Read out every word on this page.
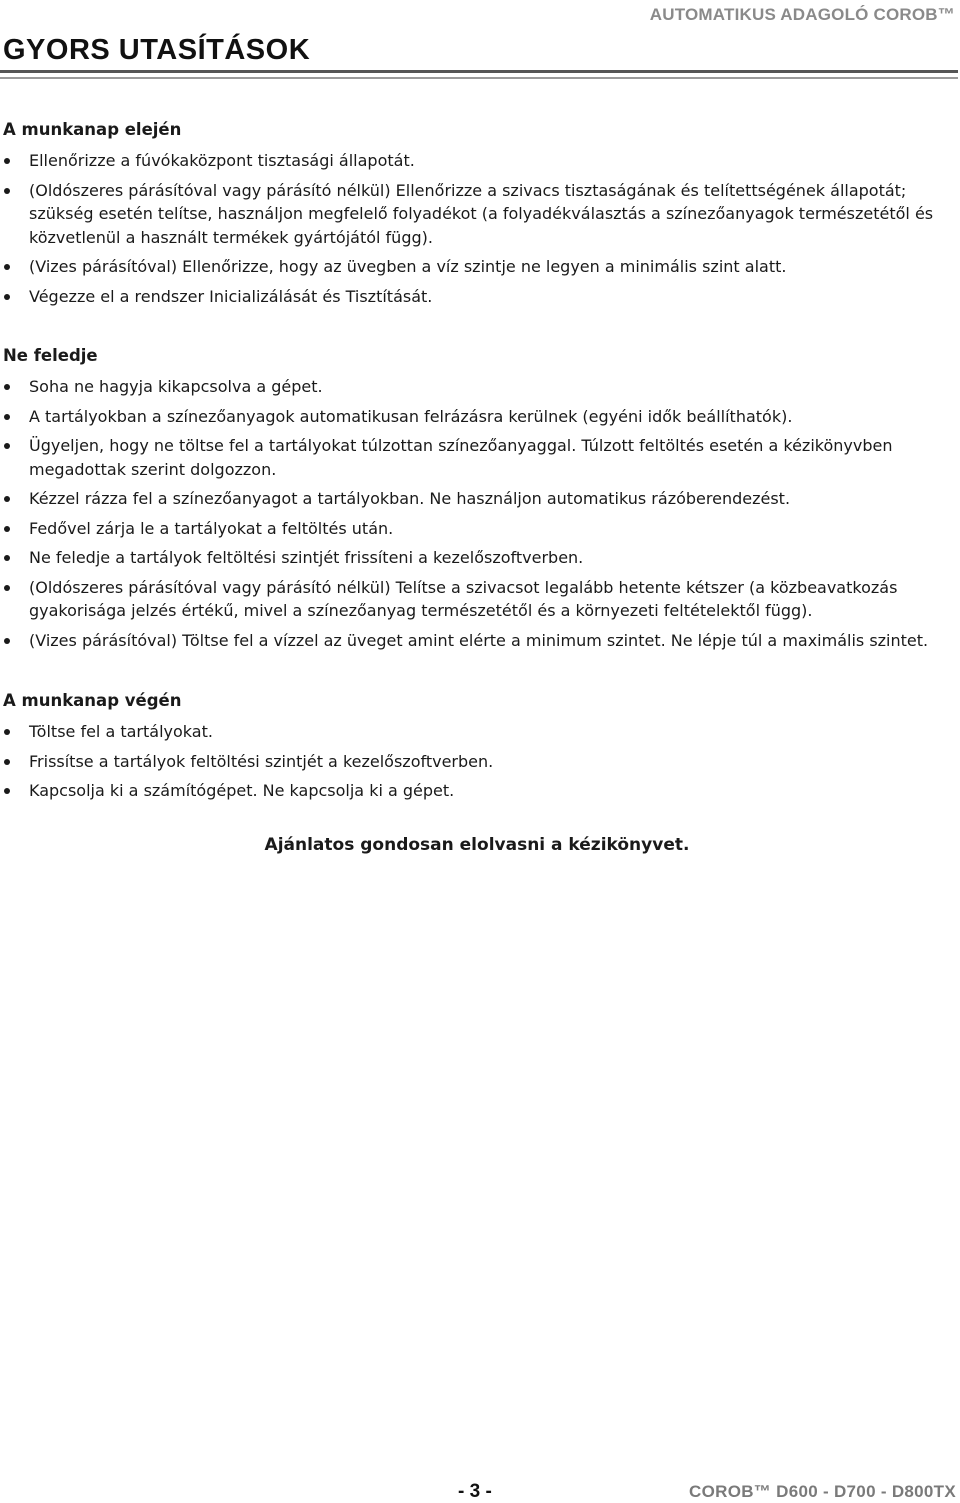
AUTOMATIKUS ADAGOLÓ COROB™
GYORS UTASÍTÁSOK
A munkanap elején
Ellenőrizze a fúvókaközpont tisztasági állapotát.
(Oldószeres párásítóval vagy párásító nélkül) Ellenőrizze a szivacs tisztaságának és telítettségének állapotát; szükség esetén telítse, használjon megfelelő folyadékot (a folyadékválasztás a színezőanyagok természetétől és közvetlenül a használt termékek gyártójától függ).
(Vizes párásítóval) Ellenőrizze, hogy az üvegben a víz szintje ne legyen a minimális szint alatt.
Végezze el a rendszer Inicializálását és Tisztítását.
Ne feledje
Soha ne hagyja kikapcsolva a gépet.
A tartályokban a színezőanyagok automatikusan felrázásra kerülnek (egyéni idők beállíthatók).
Ügyeljen, hogy ne töltse fel a tartályokat túlzottan színezőanyaggal. Túlzott feltöltés esetén a kézikönyvben megadottak szerint dolgozzon.
Kézzel rázza fel a színezőanyagot a tartályokban. Ne használjon automatikus rázóberendezést.
Fedővel zárja le a tartályokat a feltöltés után.
Ne feledje a tartályok feltöltési szintjét frissíteni a kezelőszoftverben.
(Oldószeres párásítóval vagy párásító nélkül) Telítse a szivacsot legalább hetente kétszer (a közbeavatkozás gyakorisága jelzés értékű, mivel a színezőanyag természetétől és a környezeti feltételektől függ).
(Vizes párásítóval) Töltse fel a vízzel az üveget amint elérte a minimum szintet. Ne lépje túl a maximális szintet.
A munkanap végén
Töltse fel a tartályokat.
Frissítse a tartályok feltöltési szintjét a kezelőszoftverben.
Kapcsolja ki a számítógépet. Ne kapcsolja ki a gépet.
Ajánlatos gondosan elolvasni a kézikönyvet.
- 3 -	COROB™ D600 - D700 - D800TX
